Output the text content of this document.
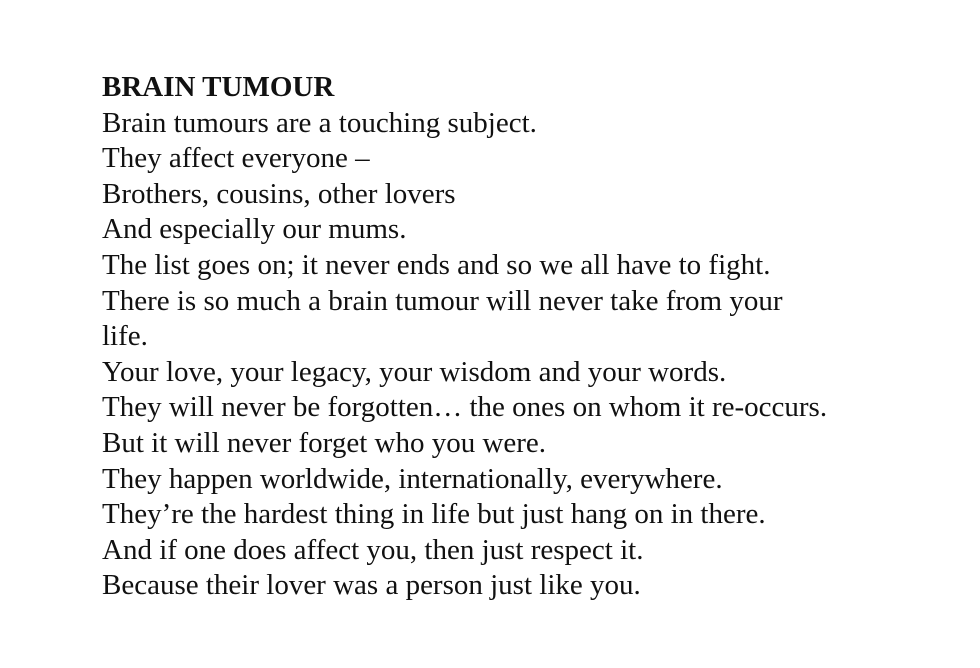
BRAIN TUMOUR
Brain tumours are a touching subject.
They affect everyone –
Brothers, cousins, other lovers
And especially our mums.
The list goes on; it never ends and so we all have to fight.
There is so much a brain tumour will never take from your
life.
Your love, your legacy, your wisdom and your words.
They will never be forgotten… the ones on whom it re-occurs.
But it will never forget who you were.
They happen worldwide, internationally, everywhere.
They’re the hardest thing in life but just hang on in there.
And if one does affect you, then just respect it.
Because their lover was a person just like you.
